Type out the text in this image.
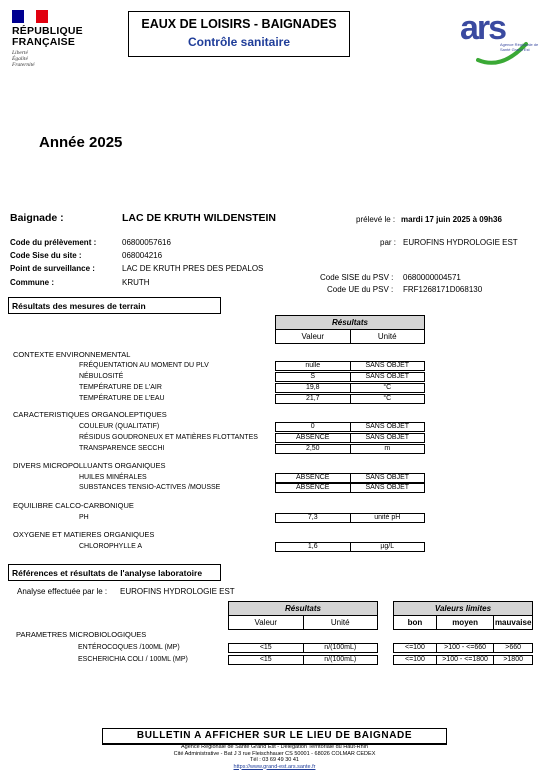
RÉPUBLIQUE
FRANÇAISE
Liberté
Égalité
Fraternité
EAUX DE LOISIRS - BAIGNADES
Contrôle sanitaire	ars
Agence Régionale de Santé Grand Est
Année 2025
Baignade :	LAC DE KRUTH WILDENSTEIN	prélevé le : mardi 17 juin 2025 à 09h36
Code du prélèvement :	06800057616	par : EUROFINS HYDROLOGIE EST
Code Sise du site :	068004216
Point de surveillance :	LAC DE KRUTH PRES DES PEDALOS
Code SISE du PSV : 0680000004571
Commune :	KRUTH
Code UE du PSV : FRF1268171D068130
Résultats des mesures de terrain
Résultats
Valeur	Unité
CONTEXTE ENVIRONNEMENTAL
FRÉQUENTATION AU MOMENT DU PLV	nulle	SANS OBJET
NÉBULOSITÉ	S	SANS OBJET
TEMPÉRATURE DE L'AIR	19,8	°C
TEMPÉRATURE DE L'EAU	21,7	°C
CARACTERISTIQUES ORGANOLEPTIQUES
COULEUR (QUALITATIF)	0	SANS OBJET
RÉSIDUS GOUDRONEUX ET MATIÈRES FLOTTANTES	ABSENCE	SANS OBJET
TRANSPARENCE SECCHI	2,50	m
DIVERS MICROPOLLUANTS ORGANIQUES
HUILES MINÉRALES	ABSENCE	SANS OBJET
SUBSTANCES TENSIO-ACTIVES /MOUSSE	ABSENCE	SANS OBJET
EQUILIBRE CALCO-CARBONIQUE
PH	7,3	unité pH
OXYGENE ET MATIERES ORGANIQUES
CHLOROPHYLLE A	1,6	µg/L
Références et résultats de l'analyse laboratoire
Analyse effectuée par le : EUROFINS HYDROLOGIE EST
Résultats
Valeur	Unité
Valeurs limites
bon	moyen	mauvaise
PARAMETRES MICROBIOLOGIQUES
ENTÉROCOQUES /100ML (MP)	<15	n/(100mL)	<=100	>100 - <=660	>660
ESCHERICHIA COLI / 100ML (MP)	<15	n/(100mL)	<=100	>100 - <=1800	>1800
BULLETIN A AFFICHER SUR LE LIEU DE BAIGNADE
Agence Régionale de Santé Grand Est - Délégation Territoriale du Haut-Rhin
Cité Administrative - Bat J 3 rue Fleischhauer CS 50001 - 68026 COLMAR CEDEX
Tél : 03 69 49 30 41
https://www.grand-est.ars.sante.fr
